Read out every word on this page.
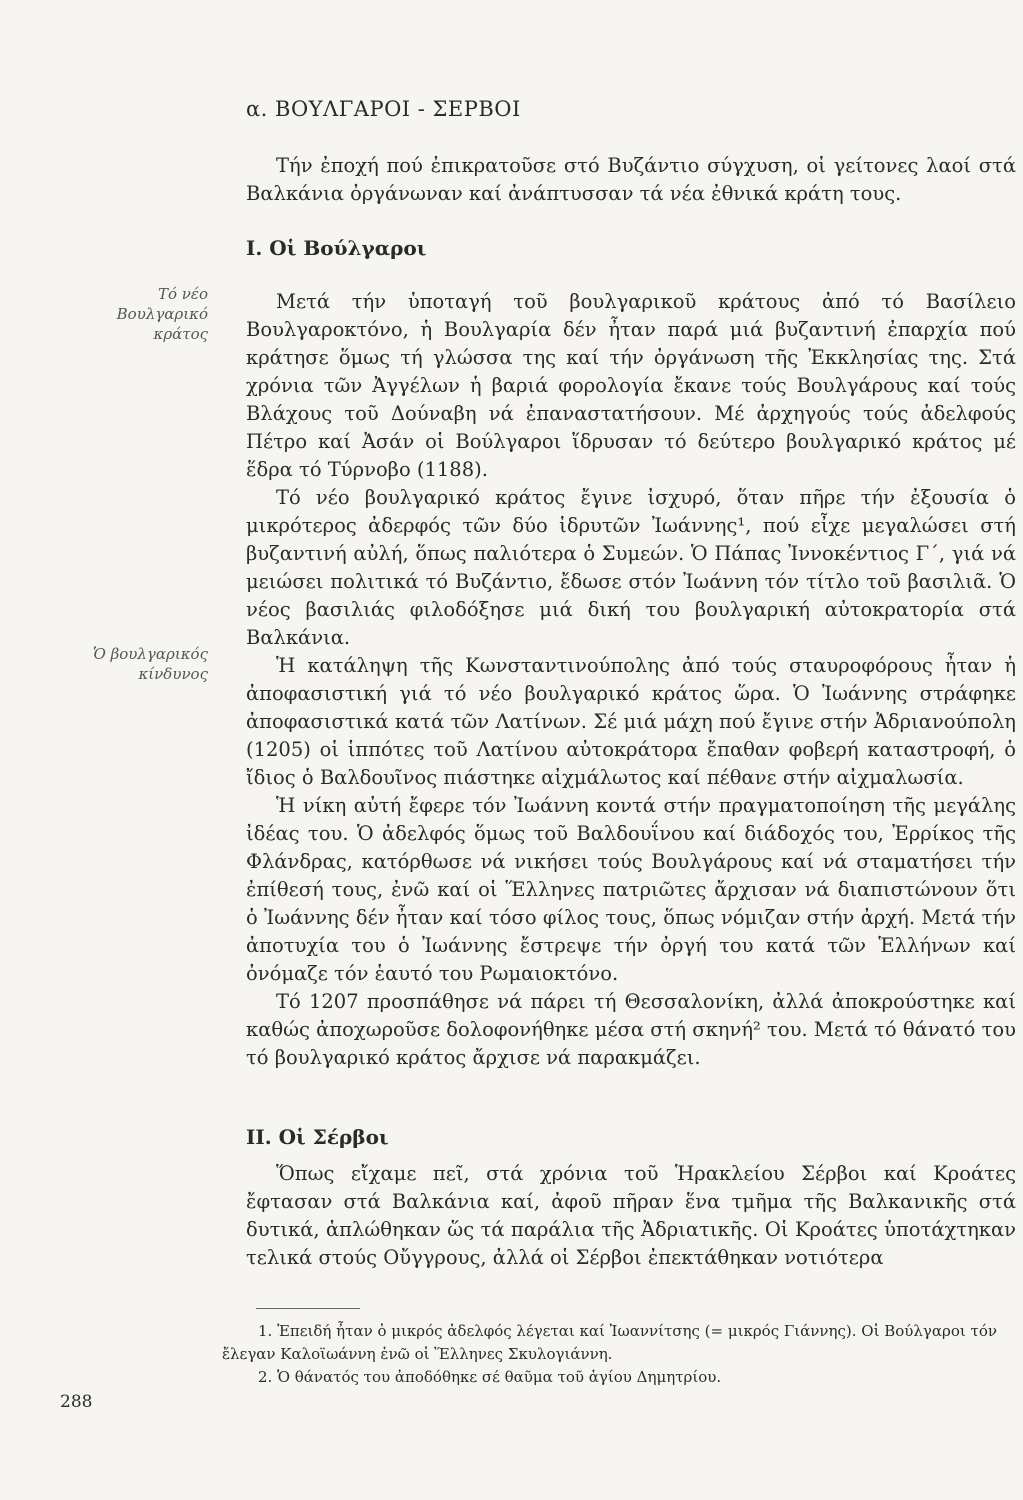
α. ΒΟΥΛΓΑΡΟΙ - ΣΕΡΒΟΙ

Τήν ἐποχή πού ἐπικρατοῦσε στό Βυζάντιο σύγχυση, οἱ γείτονες λαοί στά Βαλκάνια ὀργάνωναν καί ἀνάπτυσσαν τά νέα ἐθνικά κράτη τους.

I. Οἱ Βούλγαροι

Τό νέο Βουλγαρικό κράτος

Ὁ βουλγαρικός κίνδυνος

Μετά τήν ὑποταγή τοῦ βουλγαρικοῦ κράτους ἀπό τό Βασίλειο Βουλγαροκτόνο, ἡ Βουλγαρία δέν ἦταν παρά μιά βυζαντινή ἐπαρχία πού κράτησε ὅμως τή γλώσσα της καί τήν ὀργάνωση τῆς Ἐκκλησίας της. Στά χρόνια τῶν Ἀγγέλων ἡ βαριά φορολογία ἔκανε τούς Βουλγάρους καί τούς Βλάχους τοῦ Δούναβη νά ἐπαναστατήσουν. Μέ ἀρχηγούς τούς ἀδελφούς Πέτρο καί Ἀσάν οἱ Βούλγαροι ἵδρυσαν τό δεύτερο βουλγαρικό κράτος μέ ἕδρα τό Τύρνοβο (1188).

Τό νέο βουλγαρικό κράτος ἔγινε ἰσχυρό, ὅταν πῆρε τήν ἐξουσία ὁ μικρότερος ἀδερφός τῶν δύο ἱδρυτῶν Ἰωάννης¹, πού εἶχε μεγαλώσει στή βυζαντινή αὐλή, ὅπως παλιότερα ὁ Συμεών. Ὁ Πάπας Ἰννοκέντιος Γ΄, γιά νά μειώσει πολιτικά τό Βυζάντιο, ἔδωσε στόν Ἰωάννη τόν τίτλο τοῦ βασιλιᾶ. Ὁ νέος βασιλιάς φιλοδόξησε μιά δική του βουλγαρική αὐτοκρατορία στά Βαλκάνια.

Ἡ κατάληψη τῆς Κωνσταντινούπολης ἀπό τούς σταυροφόρους ἦταν ἡ ἀποφασιστική γιά τό νέο βουλγαρικό κράτος ὥρα. Ὁ Ἰωάννης στράφηκε ἀποφασιστικά κατά τῶν Λατίνων. Σέ μιά μάχη πού ἔγινε στήν Ἀδριανούπολη (1205) οἱ ἱππότες τοῦ Λατίνου αὐτοκράτορα ἔπαθαν φοβερή καταστροφή, ὁ ἴδιος ὁ Βαλδουῖνος πιάστηκε αἰχμάλωτος καί πέθανε στήν αἰχμαλωσία.

Ἡ νίκη αὐτή ἔφερε τόν Ἰωάννη κοντά στήν πραγματοποίηση τῆς μεγάλης ἰδέας του. Ὁ ἀδελφός ὅμως τοῦ Βαλδουΐνου καί διάδοχός του, Ἐρρίκος τῆς Φλάνδρας, κατόρθωσε νά νικήσει τούς Βουλγάρους καί νά σταματήσει τήν ἐπίθεσή τους, ἐνῶ καί οἱ Ἕλληνες πατριῶτες ἄρχισαν νά διαπιστώνουν ὅτι ὁ Ἰωάννης δέν ἦταν καί τόσο φίλος τους, ὅπως νόμιζαν στήν ἀρχή. Μετά τήν ἀποτυχία του ὁ Ἰωάννης ἔστρεψε τήν ὀργή του κατά τῶν Ἑλλήνων καί ὀνόμαζε τόν ἑαυτό του Ρωμαιοκτόνο.

Τό 1207 προσπάθησε νά πάρει τή Θεσσαλονίκη, ἀλλά ἀποκρούστηκε καί καθώς ἀποχωροῦσε δολοφονήθηκε μέσα στή σκηνή² του. Μετά τό θάνατό του τό βουλγαρικό κράτος ἄρχισε νά παρακμάζει.

II. Οἱ Σέρβοι

Ὅπως εἴχαμε πεῖ, στά χρόνια τοῦ Ἡρακλείου Σέρβοι καί Κροάτες ἔφτασαν στά Βαλκάνια καί, ἀφοῦ πῆραν ἕνα τμῆμα τῆς Βαλκανικῆς στά δυτικά, ἁπλώθηκαν ὥς τά παράλια τῆς Ἀδριατικῆς. Οἱ Κροάτες ὑποτάχτηκαν τελικά στούς Οὔγγρους, ἀλλά οἱ Σέρβοι ἐπεκτάθηκαν νοτιότερα

1. Ἐπειδή ἦταν ὁ μικρός ἀδελφός λέγεται καί Ἰωαννίτσης (= μικρός Γιάννης). Οἱ Βούλγαροι τόν ἔλεγαν Καλοϊωάννη ἐνῶ οἱ Ἕλληνες Σκυλογιάννη.

2. Ὁ θάνατός του ἀποδόθηκε σέ θαῦμα τοῦ ἁγίου Δημητρίου.

288
